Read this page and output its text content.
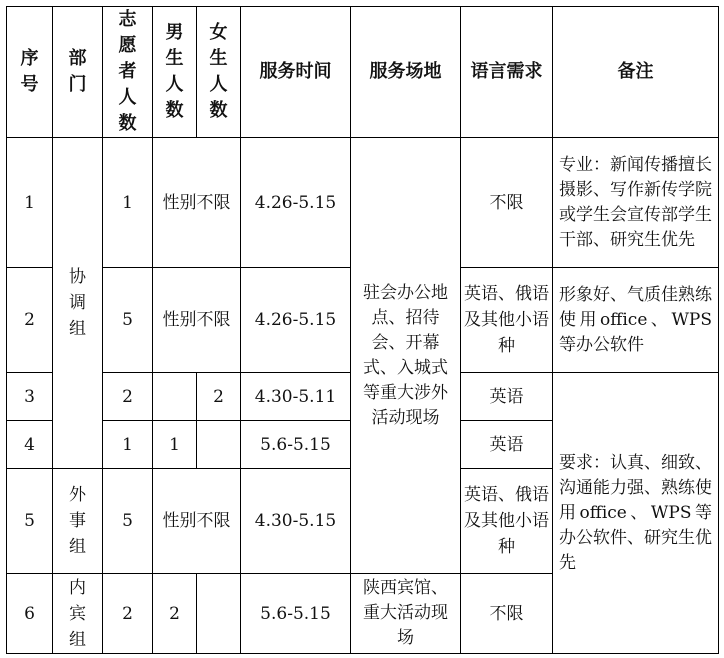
序号	部门	志愿者人数	男生人数	女生人数	服务时间	服务场地	语言需求	备注
1	协调组	1	性别不限		4.26-5.15	驻会办公地点、招待会、开幕式、入城式等重大涉外活动现场	不限	专业：新闻传播擅长摄影、写作新传学院或学生会宣传部学生干部、研究生优先
2		5	性别不限		4.26-5.15		英语、俄语及其他小语种	形象好、气质佳熟练使用office、WPS等办公软件
3		2		2	4.30-5.11		英语	要求：认真、细致、沟通能力强、熟练使用office、WPS等办公软件、研究生优先
4		1	1		5.6-5.15		英语	
5	外事组	5	性别不限		4.30-5.15		英语、俄语及其他小语种	
6	内宾组	2	2		5.6-5.15	陕西宾馆、重大活动现场	不限	
